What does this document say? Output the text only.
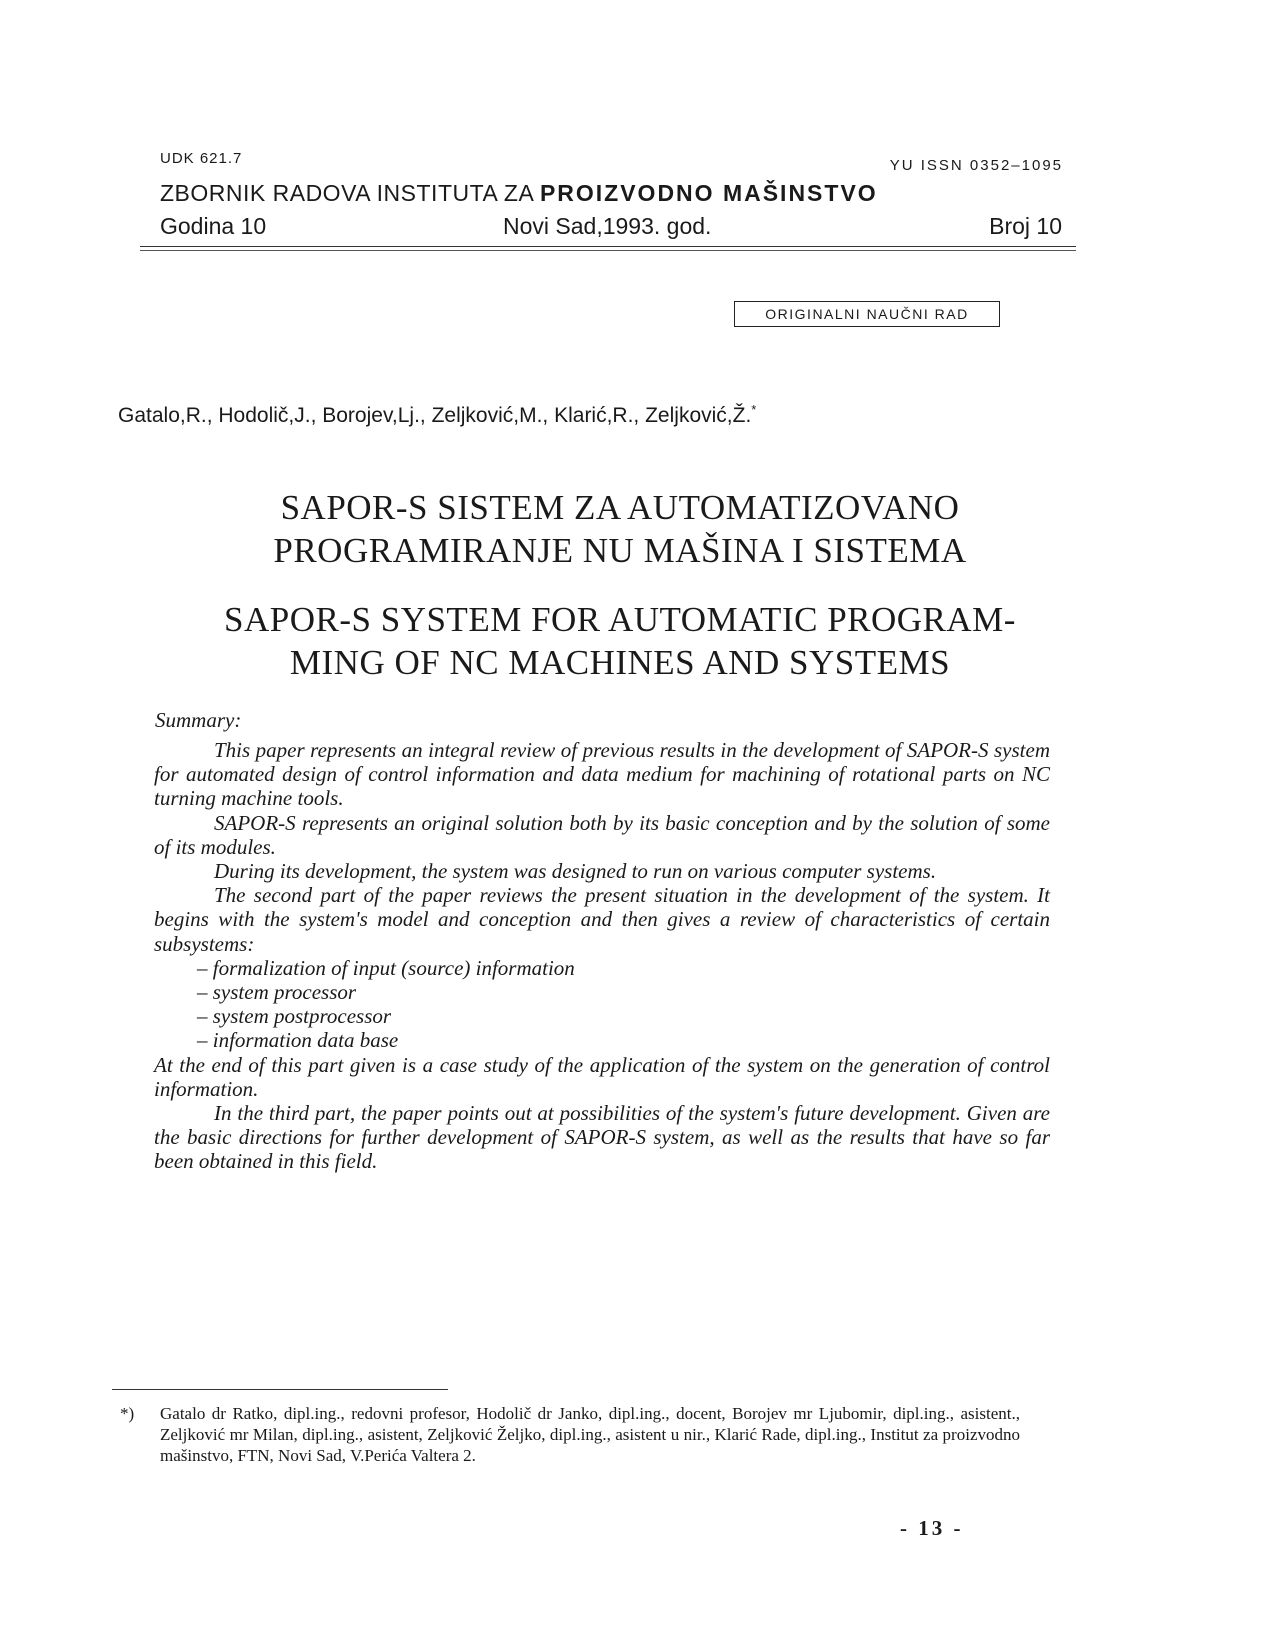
UDK 621.7	YU ISSN 0352–1095
ZBORNIK RADOVA INSTITUTA ZA PROIZVODNO MAŠINSTVO
Godina 10	Novi Sad,1993. god.	Broj 10
ORIGINALNI NAUČNI RAD
Gatalo,R., Hodolič,J., Borojev,Lj., Zeljković,M., Klarić,R., Zeljković,Ž.*
SAPOR-S SISTEM ZA AUTOMATIZOVANO
PROGRAMIRANJE NU MAŠINA I SISTEMA
SAPOR-S SYSTEM FOR AUTOMATIC PROGRAM-
MING OF NC MACHINES AND SYSTEMS
Summary:

This paper represents an integral review of previous results in the development of SAPOR-S system for automated design of control information and data medium for machining of rotational parts on NC turning machine tools.

SAPOR-S represents an original solution both by its basic conception and by the solution of some of its modules.

During its development, the system was designed to run on various computer systems.

The second part of the paper reviews the present situation in the development of the system. It begins with the system's model and conception and then gives a review of characteristics of certain subsystems:

– formalization of input (source) information
– system processor
– system postprocessor
– information data base

At the end of this part given is a case study of the application of the system on the generation of control information.

In the third part, the paper points out at possibilities of the system's future development. Given are the basic directions for further development of SAPOR-S system, as well as the results that have so far been obtained in this field.

*) Gatalo dr Ratko, dipl.ing., redovni profesor, Hodolič dr Janko, dipl.ing., docent, Borojev mr Ljubomir, dipl.ing., asistent., Zeljković mr Milan, dipl.ing., asistent, Zeljković Željko, dipl.ing., asistent u nir., Klarić Rade, dipl.ing., Institut za proizvodno mašinstvo, FTN, Novi Sad, V.Perića Valtera 2.
- 13 -
